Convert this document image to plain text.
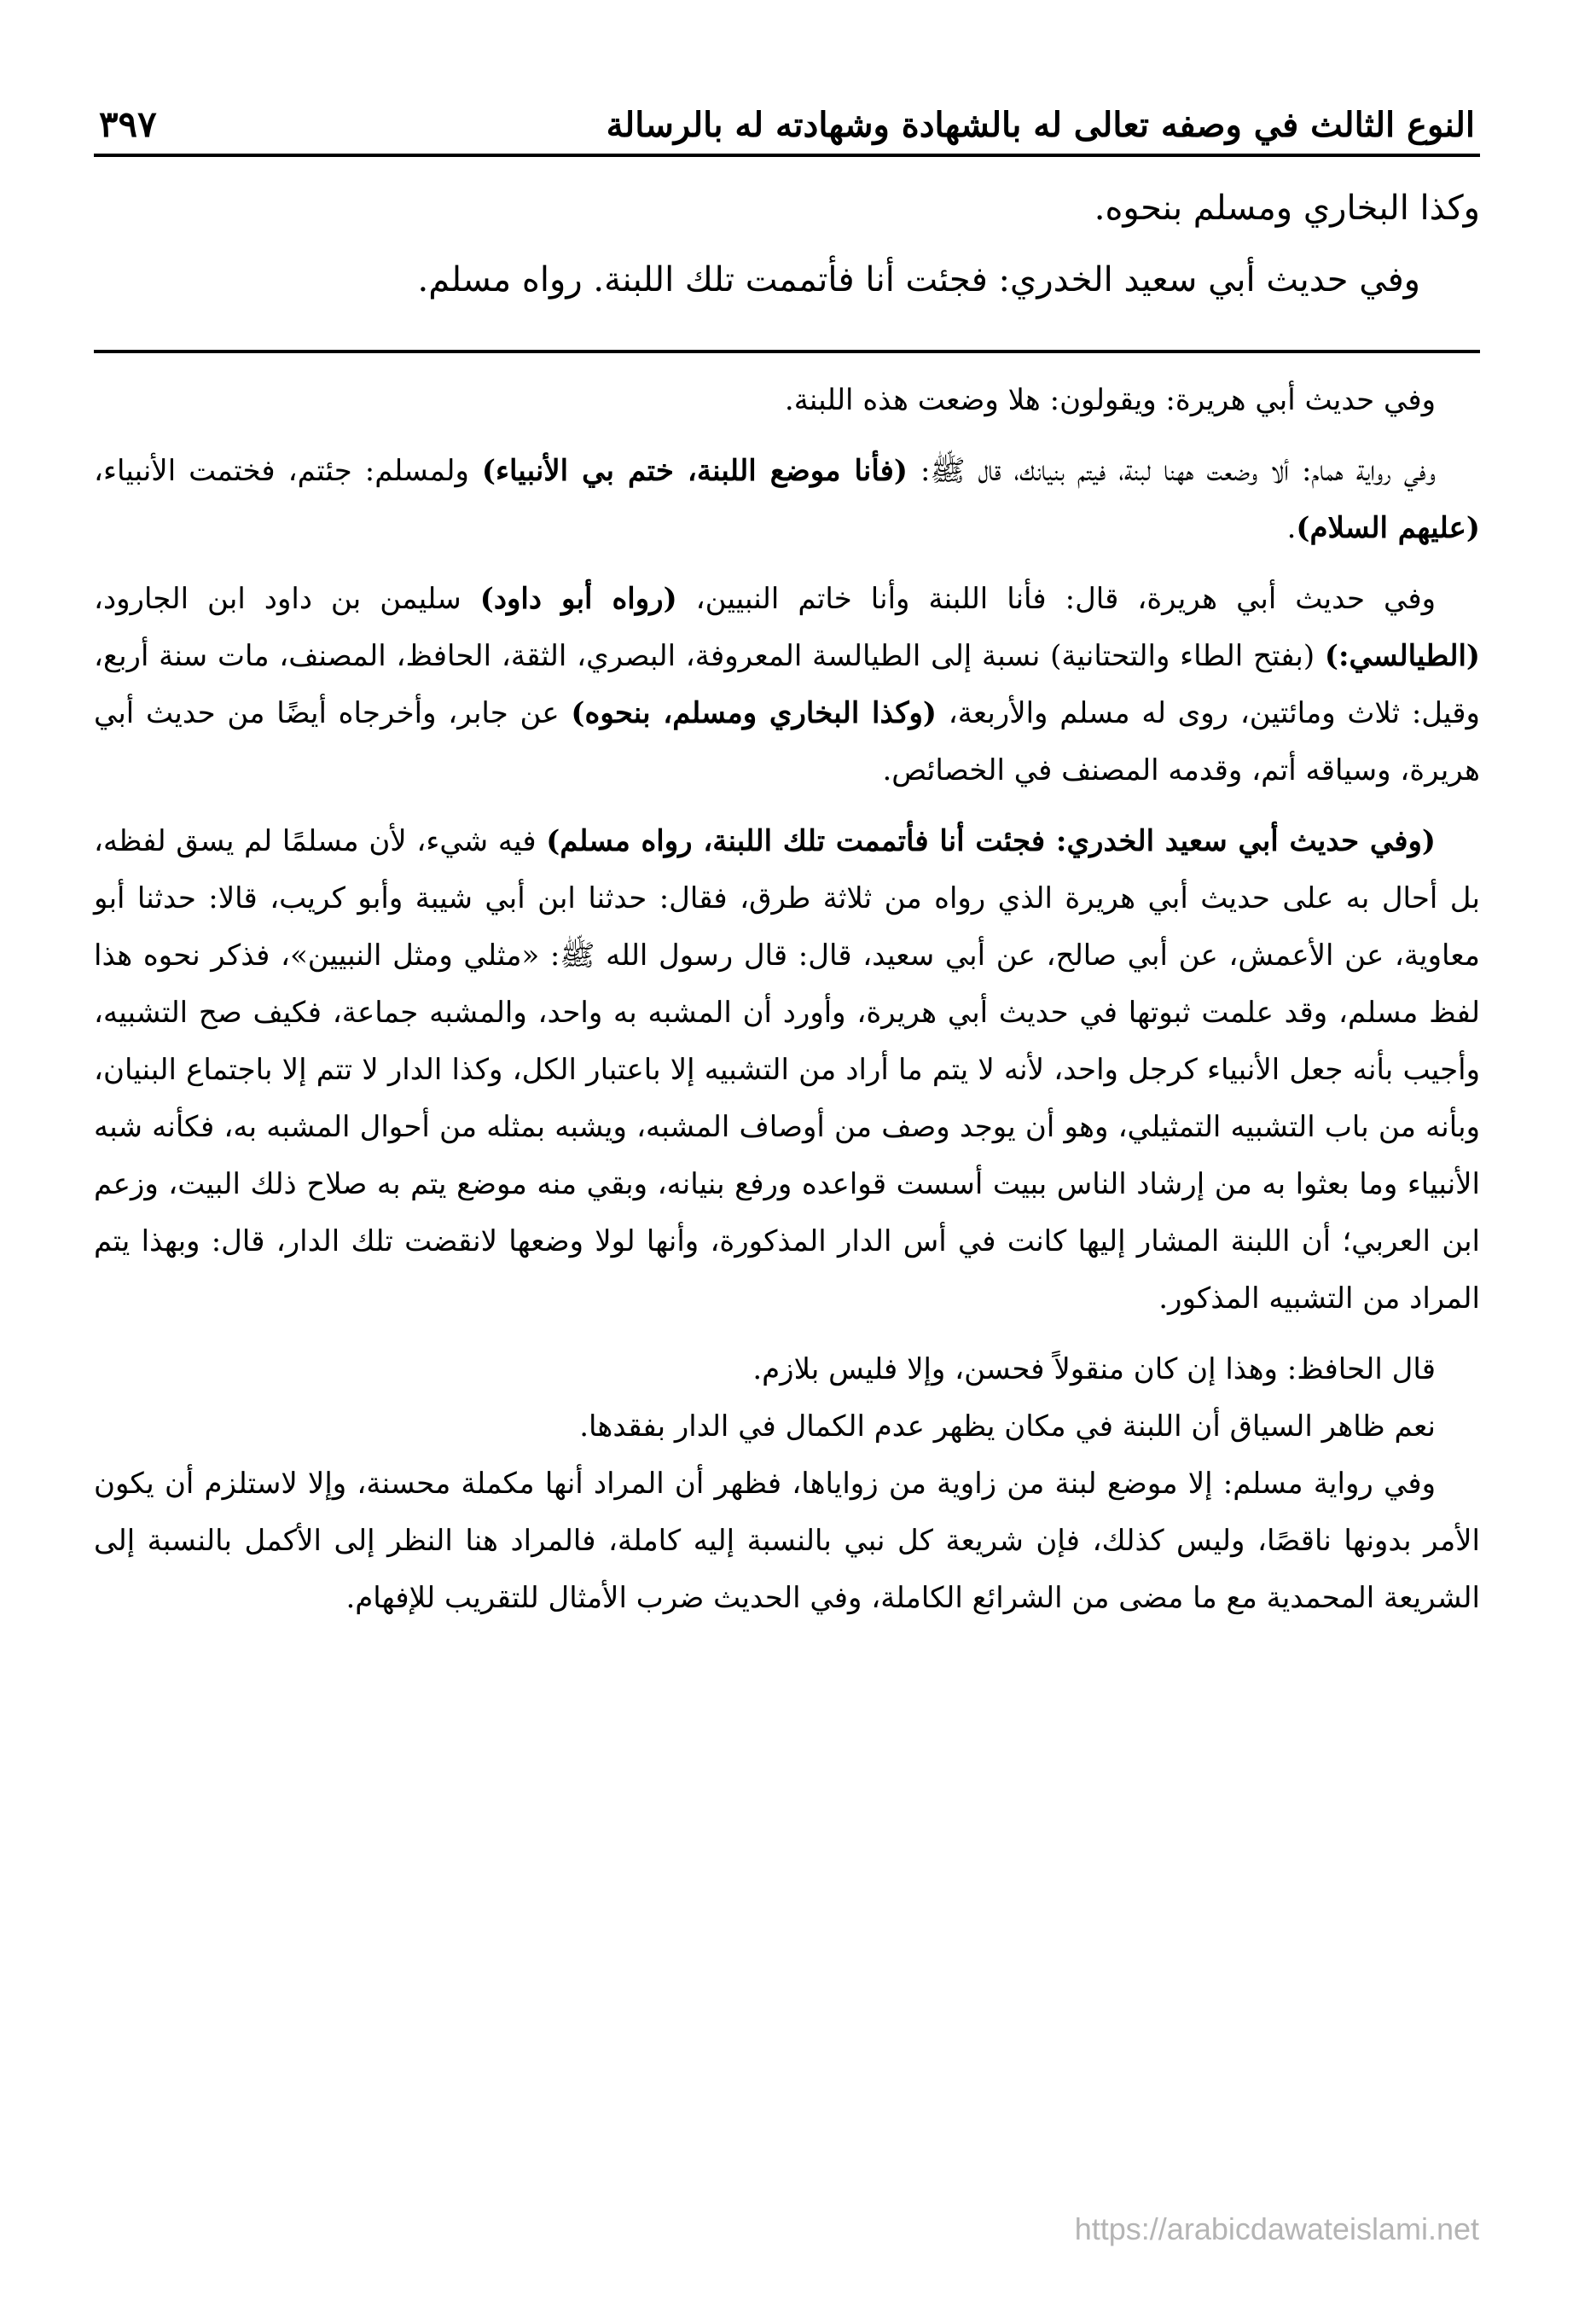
النوع الثالث في وصفه تعالى له بالشهادة وشهادته له بالرسالة
٣٩٧

وكذا البخاري ومسلم بنحوه.

وفي حديث أبي سعيد الخدري: فجئت أنا فأتممت تلك اللبنة. رواه مسلم.

وفي حديث أبي هريرة: ويقولون: هلا وضعت هذه اللبنة.

وفي رواية همام: ألا وضعت ههنا لبنة، فيتم بنيانك، قال ﷺ: (فأنا موضع اللبنة، ختم بي الأنبياء) ولمسلم: جئتم، فختمت الأنبياء، (عليهم السلام).

وفي حديث أبي هريرة، قال: فأنا اللبنة وأنا خاتم النبيين، (رواه أبو داود) سليمن بن داود ابن الجارود، (الطيالسي:) (بفتح الطاء والتحتانية) نسبة إلى الطيالسة المعروفة، البصري، الثقة، الحافظ، المصنف، مات سنة أربع، وقيل: ثلاث ومائتين، روى له مسلم والأربعة، (وكذا البخاري ومسلم، بنحوه) عن جابر، وأخرجاه أيضًا من حديث أبي هريرة، وسياقه أتم، وقدمه المصنف في الخصائص.

(وفي حديث أبي سعيد الخدري: فجئت أنا فأتممت تلك اللبنة، رواه مسلم) فيه شيء، لأن مسلمًا لم يسق لفظه، بل أحال به على حديث أبي هريرة الذي رواه من ثلاثة طرق، فقال: حدثنا ابن أبي شيبة وأبو كريب، قالا: حدثنا أبو معاوية، عن الأعمش، عن أبي صالح، عن أبي سعيد، قال: قال رسول الله ﷺ: «مثلي ومثل النبيين»، فذكر نحوه هذا لفظ مسلم، وقد علمت ثبوتها في حديث أبي هريرة، وأورد أن المشبه به واحد، والمشبه جماعة، فكيف صح التشبيه، وأجيب بأنه جعل الأنبياء كرجل واحد، لأنه لا يتم ما أراد من التشبيه إلا باعتبار الكل، وكذا الدار لا تتم إلا باجتماع البنيان، وبأنه من باب التشبيه التمثيلي، وهو أن يوجد وصف من أوصاف المشبه، ويشبه بمثله من أحوال المشبه به، فكأنه شبه الأنبياء وما بعثوا به من إرشاد الناس ببيت أسست قواعده ورفع بنيانه، وبقي منه موضع يتم به صلاح ذلك البيت، وزعم ابن العربي؛ أن اللبنة المشار إليها كانت في أس الدار المذكورة، وأنها لولا وضعها لانقضت تلك الدار، قال: وبهذا يتم المراد من التشبيه المذكور.

قال الحافظ: وهذا إن كان منقولاً فحسن، وإلا فليس بلازم.

نعم ظاهر السياق أن اللبنة في مكان يظهر عدم الكمال في الدار بفقدها.

وفي رواية مسلم: إلا موضع لبنة من زاوية من زواياها، فظهر أن المراد أنها مكملة محسنة، وإلا لاستلزم أن يكون الأمر بدونها ناقصًا، وليس كذلك، فإن شريعة كل نبي بالنسبة إليه كاملة، فالمراد هنا النظر إلى الأكمل بالنسبة إلى الشريعة المحمدية مع ما مضى من الشرائع الكاملة، وفي الحديث ضرب الأمثال للتقريب للإفهام.

https://arabicdawateislami.net
